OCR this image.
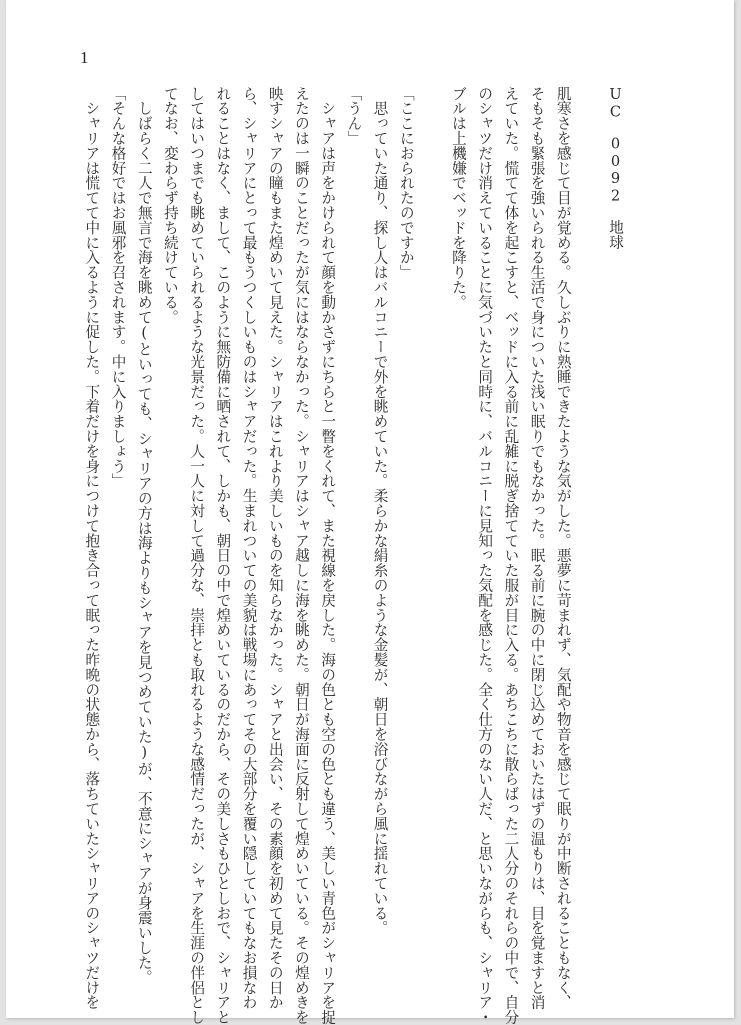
1
UC　0092　地球
肌寒さを感じて目が覚める。久しぶりに熟睡できたような気がした。悪夢に苛まれず、気配や物音を感じて眠りが中断されることもなく、
そもそも緊張を強いられる生活で身についた浅い眠りでもなかった。眠る前に腕の中に閉じ込めておいたはずの温もりは、目を覚ますと消
えていた。慌てて体を起こすと、ベッドに入る前に乱雑に脱ぎ捨てていた服が目に入る。あちこちに散らばった二人分のそれらの中で、自分
のシャツだけ消えていることに気づいたと同時に、バルコニーに見知った気配を感じた。全く仕方のない人だ、と思いながらも、シャリア・
ブルは上機嫌でベッドを降りた。
「ここにおられたのですか」
　思っていた通り、探し人はバルコニーで外を眺めていた。柔らかな絹糸のような金髪が、朝日を浴びながら風に揺れている。
「うん」
　シャアは声をかけられて顔を動かさずにちらと一瞥をくれて、また視線を戻した。海の色とも空の色とも違う、美しい青色がシャリアを捉
えたのは一瞬のことだったが気にはならなかった。シャリアはシャア越しに海を眺めた。朝日が海面に反射して煌めいている。その煌めきを
映すシャアの瞳もまた煌めいて見えた。シャリアはこれより美しいものを知らなかった。シャアと出会い、その素顔を初めて見たその日か
ら、シャリアにとって最もうつくしいものはシャアだった。生まれついての美貌は戦場にあってその大部分を覆い隠していてもなお損なわ
れることはなく、まして、このように無防備に晒されて、しかも、朝日の中で煌めいているのだから、その美しさもひとしおで、シャリアと
してはいつまでも眺めていられるような光景だった。人一人に対して過分な、崇拝とも取れるような感情だったが、シャアを生涯の伴侶とし
てなお、変わらず持ち続けている。
　しばらく二人で無言で海を眺めて(といっても、シャリアの方は海よりもシャアを見つめていた)が、不意にシャアが身震いした。
「そんな格好ではお風邪を召されます。中に入りましょう」
　シャリアは慌てて中に入るように促した。下着だけを身につけて抱き合って眠った昨晩の状態から、落ちていたシャリアのシャツだけを
